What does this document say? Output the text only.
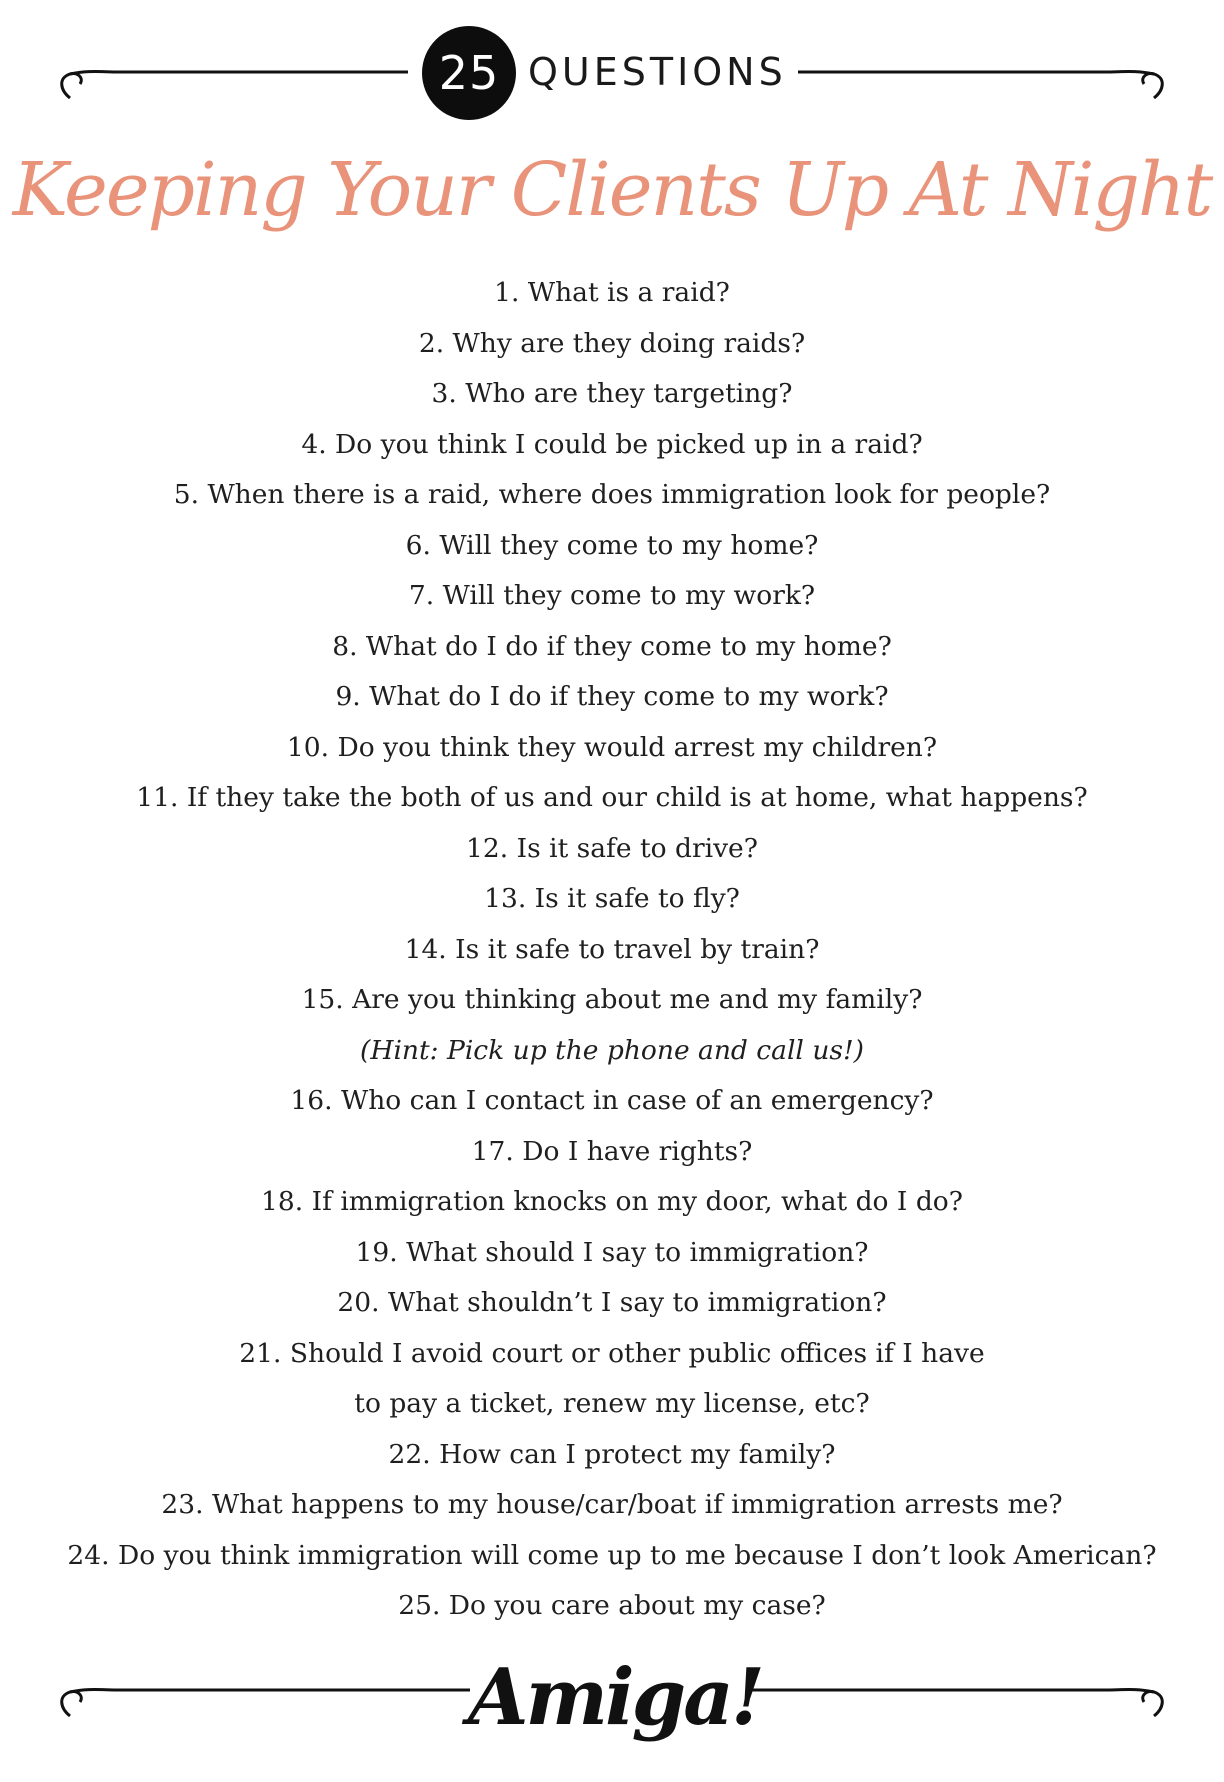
25 QUESTIONS
Keeping Your Clients Up At Night
1. What is a raid?
2. Why are they doing raids?
3. Who are they targeting?
4. Do you think I could be picked up in a raid?
5. When there is a raid, where does immigration look for people?
6. Will they come to my home?
7. Will they come to my work?
8. What do I do if they come to my home?
9. What do I do if they come to my work?
10. Do you think they would arrest my children?
11. If they take the both of us and our child is at home, what happens?
12. Is it safe to drive?
13. Is it safe to fly?
14. Is it safe to travel by train?
15. Are you thinking about me and my family?
(Hint: Pick up the phone and call us!)
16. Who can I contact in case of an emergency?
17. Do I have rights?
18. If immigration knocks on my door, what do I do?
19. What should I say to immigration?
20. What shouldn’t I say to immigration?
21. Should I avoid court or other public offices if I have
to pay a ticket, renew my license, etc?
22. How can I protect my family?
23. What happens to my house/car/boat if immigration arrests me?
24. Do you think immigration will come up to me because I don’t look American?
25. Do you care about my case?
Amiga!
